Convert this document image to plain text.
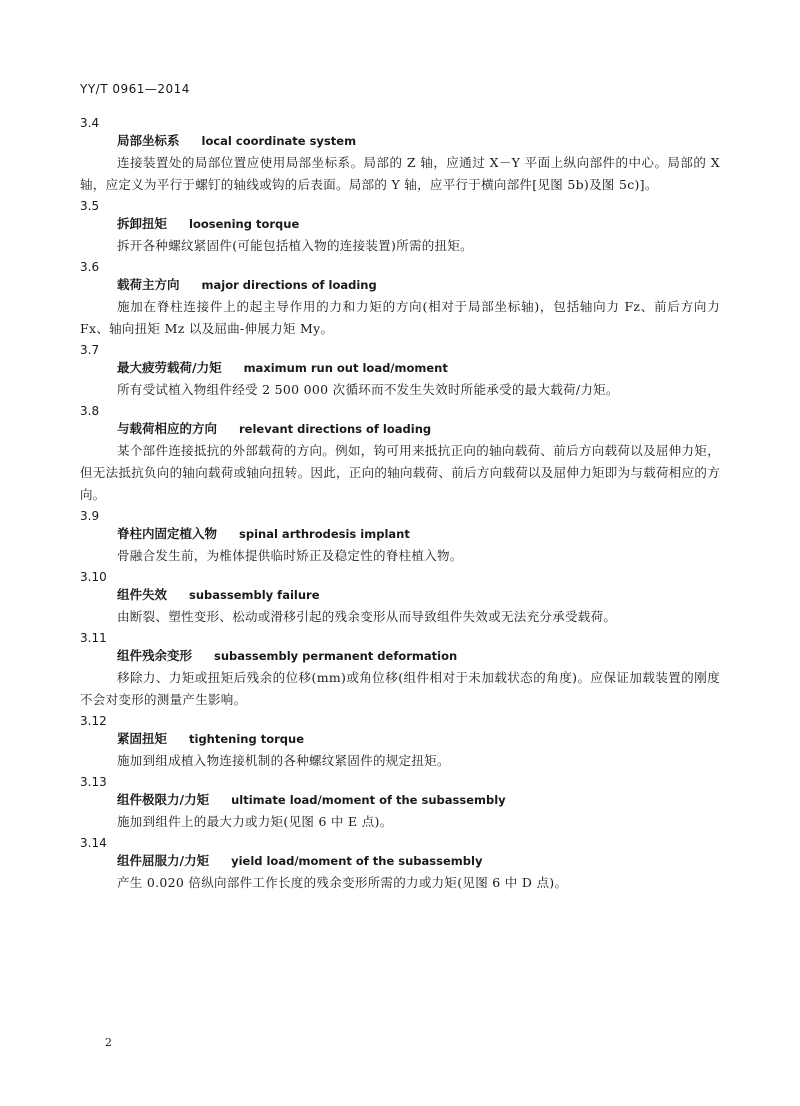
YY/T 0961—2014
3.4
局部坐标系 local coordinate system
连接装置处的局部位置应使用局部坐标系。局部的 Z 轴，应通过 X－Y 平面上纵向部件的中心。局部的 X 轴，应定义为平行于螺钉的轴线或钩的后表面。局部的 Y 轴，应平行于横向部件[见图 5b)及图 5c)]。
3.5
拆卸扭矩 loosening torque
拆开各种螺纹紧固件(可能包括植入物的连接装置)所需的扭矩。
3.6
载荷主方向 major directions of loading
施加在脊柱连接件上的起主导作用的力和力矩的方向(相对于局部坐标轴)，包括轴向力 Fz、前后方向力 Fx、轴向扭矩 Mz 以及屈曲-伸展力矩 My。
3.7
最大疲劳载荷/力矩 maximum run out load/moment
所有受试植入物组件经受 2 500 000 次循环而不发生失效时所能承受的最大载荷/力矩。
3.8
与载荷相应的方向 relevant directions of loading
某个部件连接抵抗的外部载荷的方向。例如，钩可用来抵抗正向的轴向载荷、前后方向载荷以及屈伸力矩，但无法抵抗负向的轴向载荷或轴向扭转。因此，正向的轴向载荷、前后方向载荷以及屈伸力矩即为与载荷相应的方向。
3.9
脊柱内固定植入物 spinal arthrodesis implant
骨融合发生前，为椎体提供临时矫正及稳定性的脊柱植入物。
3.10
组件失效 subassembly failure
由断裂、塑性变形、松动或滑移引起的残余变形从而导致组件失效或无法充分承受载荷。
3.11
组件残余变形 subassembly permanent deformation
移除力、力矩或扭矩后残余的位移(mm)或角位移(组件相对于未加载状态的角度)。应保证加载装置的刚度不会对变形的测量产生影响。
3.12
紧固扭矩 tightening torque
施加到组成植入物连接机制的各种螺纹紧固件的规定扭矩。
3.13
组件极限力/力矩 ultimate load/moment of the subassembly
施加到组件上的最大力或力矩(见图 6 中 E 点)。
3.14
组件屈服力/力矩 yield load/moment of the subassembly
产生 0.020 倍纵向部件工作长度的残余变形所需的力或力矩(见图 6 中 D 点)。
2
